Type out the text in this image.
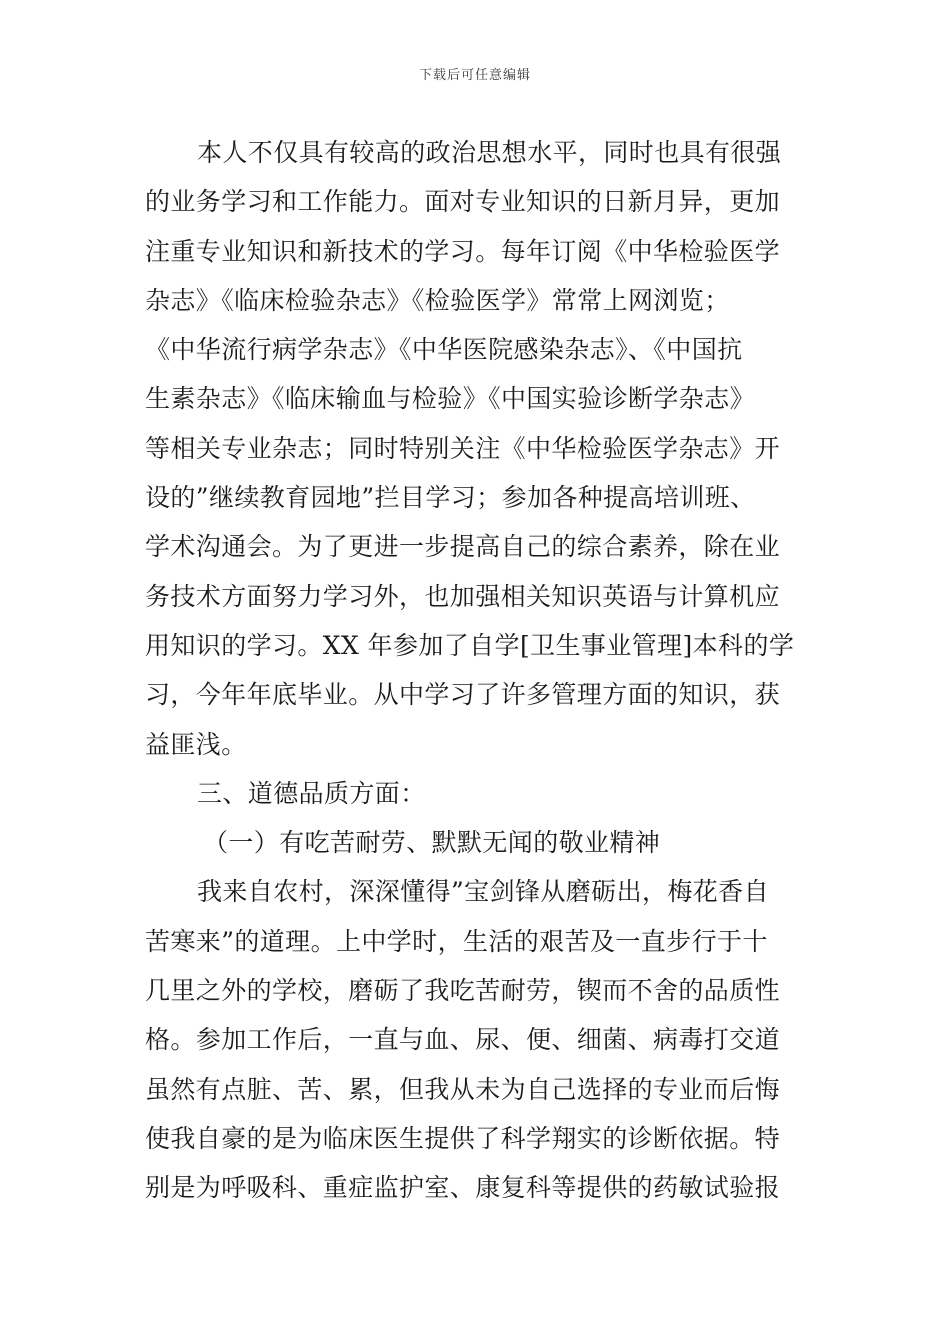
下载后可任意编辑
本人不仅具有较高的政治思想水平，同时也具有很强
的业务学习和工作能力。面对专业知识的日新月异，更加
注重专业知识和新技术的学习。每年订阅《中华检验医学
杂志》《临床检验杂志》《检验医学》常常上网浏览；
《中华流行病学杂志》《中华医院感染杂志》、《中国抗
生素杂志》《临床输血与检验》《中国实验诊断学杂志》
等相关专业杂志；同时特别关注《中华检验医学杂志》开
设的”继续教育园地”拦目学习；参加各种提高培训班、
学术沟通会。为了更进一步提高自己的综合素养，除在业
务技术方面努力学习外，也加强相关知识英语与计算机应
用知识的学习。XX 年参加了自学[卫生事业管理]本科的学
习，今年年底毕业。从中学习了许多管理方面的知识，获
益匪浅。
三、道德品质方面：
（一）有吃苦耐劳、默默无闻的敬业精神
我来自农村，深深懂得”宝剑锋从磨砺出，梅花香自
苦寒来”的道理。上中学时，生活的艰苦及一直步行于十
几里之外的学校，磨砺了我吃苦耐劳，锲而不舍的品质性
格。参加工作后，一直与血、尿、便、细菌、病毒打交道
虽然有点脏、苦、累，但我从未为自己选择的专业而后悔
使我自豪的是为临床医生提供了科学翔实的诊断依据。特
别是为呼吸科、重症监护室、康复科等提供的药敏试验报
